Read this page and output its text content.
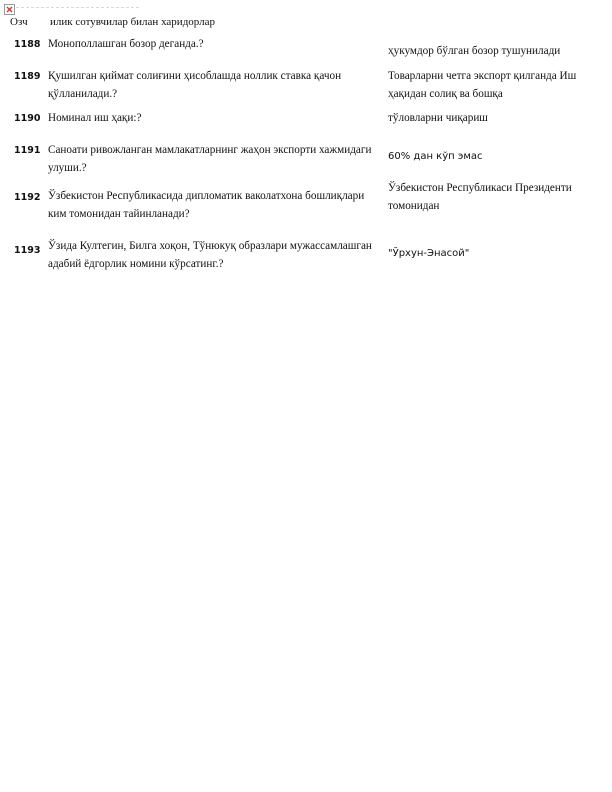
Озч илик сотувчилар билан харидорлар
1188 Монополлашган бозор деганда.?
ҳукумдор бўлган бозор тушунилади
1189 Қушилган қиймат солиғини ҳисоблашда ноллик ставка қачон қўлланилади.?
Товарларни четга экспорт қилганда Иш ҳақидан солиқ ва бошқа
1190 Номинал иш ҳақи:?	тўловларни чиқариш
1191 Саноати ривожланган мамлакатларнинг жаҳон экспорти хажмидаги улуши.?
60% дан кўп эмас
1192 Ўзбекистон Республикасида дипломатик ваколатхона бошлиқлари ким томонидан тайинланади?
Ўзбекистон Республикаси Президенти томонидан
1193 Ўзида Култегин, Билга хоқон, Тўнюкуқ образлари мужассамлашган адабий ёдгорлик номини кўрсатинг.?
"Ўрхун-Энасой"
